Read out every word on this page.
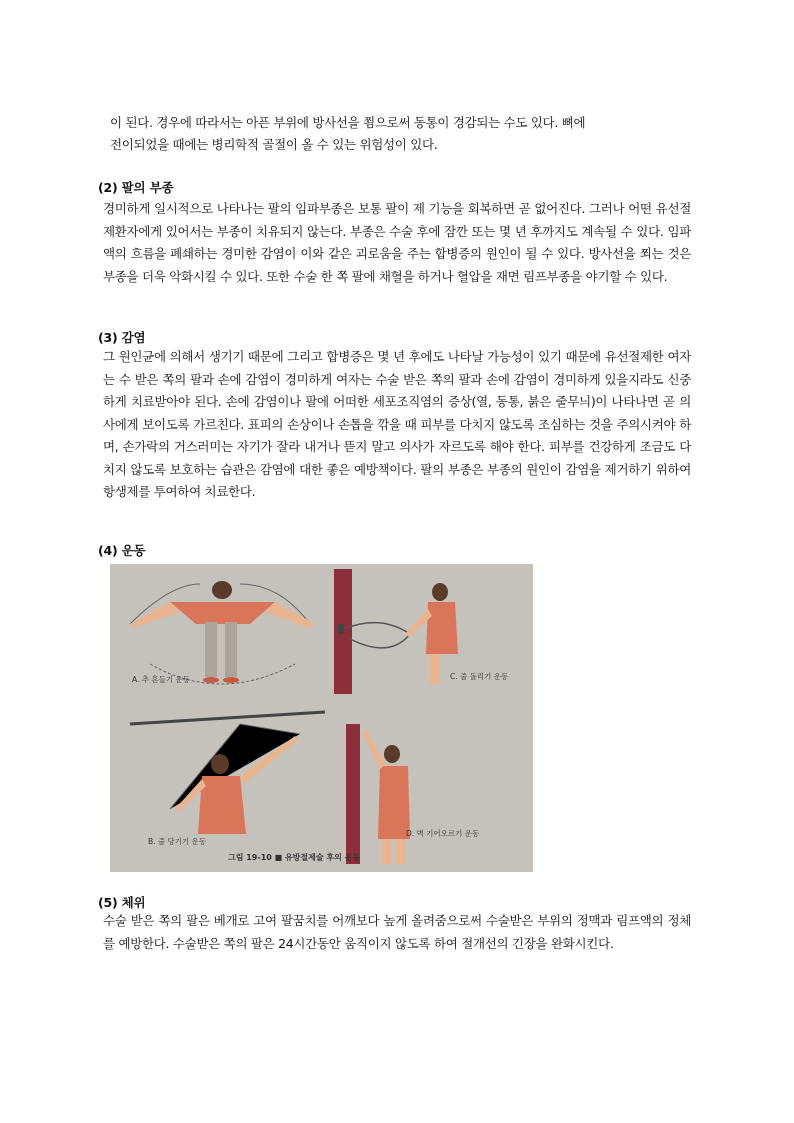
이 된다. 경우에 따라서는 아픈 부위에 방사선을 쬠으로써 동통이 경감되는 수도 있다. 뼈에

전이되었을 때에는 병리학적 골절이 올 수 있는 위험성이 있다.

(2) 팔의 부종

경미하게 일시적으로 나타나는 팔의 임파부종은 보통 팔이 제 기능을 회복하면 곧 없어진다. 그러나 어떤 유선절제환자에게 있어서는 부종이 치유되지 않는다. 부종은 수술 후에 잠깐 또는 몇 년 후까지도 계속될 수 있다. 임파액의 흐름을 폐쇄하는 경미한 감염이 이와 같은 괴로움을 주는 합병증의 원인이 될 수 있다. 방사선을 쬐는 것은 부종을 더욱 악화시킬 수 있다. 또한 수술 한 쪽 팔에 채혈을 하거나 혈압을 재면 림프부종을 야기할 수 있다.

(3) 감염

그 원인균에 의해서 생기기 때문에 그리고 합병증은 몇 년 후에도 나타날 가능성이 있기 때문에 유선절제한 여자는 수 받은 쪽의 팔과 손에 감염이 경미하게 여자는 수술 받은 쪽의 팔과 손에 감염이 경미하게 있을지라도 신중하게 치료받아야 된다. 손에 감염이나 팔에 어떠한 세포조직염의 증상(열, 동통, 붉은 줄무늬)이 나타나면 곧 의사에게 보이도록 가르친다. 표피의 손상이나 손톱을 깎을 때 피부를 다치지 않도록 조심하는 것을 주의시켜야 하며, 손가락의 거스러미는 자기가 잘라 내거나 뜯지 말고 의사가 자르도록 해야 한다. 피부를 건강하게 조금도 다치지 않도록 보호하는 습관은 감염에 대한 좋은 예방책이다. 팔의 부종은 부종의 원인이 감염을 제거하기 위하여 항생제를 투여하여 치료한다.

(4) 운동
A. 추 흔들기 운동	C. 줄 돌리기 운동
B. 줄 당기기 운동
D. 벽 기어오르기 운동
그림 19-10 ■ 유방절제술 후의 운동
(5) 체위

수술 받은 쪽의 팔은 베개로 고여 팔꿈치를 어깨보다 높게 올려줌으로써 수술받은 부위의 정맥과 림프액의 정체를 예방한다. 수술받은 쪽의 팔은 24시간동안 움직이지 않도록 하여 절개선의 긴장을 완화시킨다.
